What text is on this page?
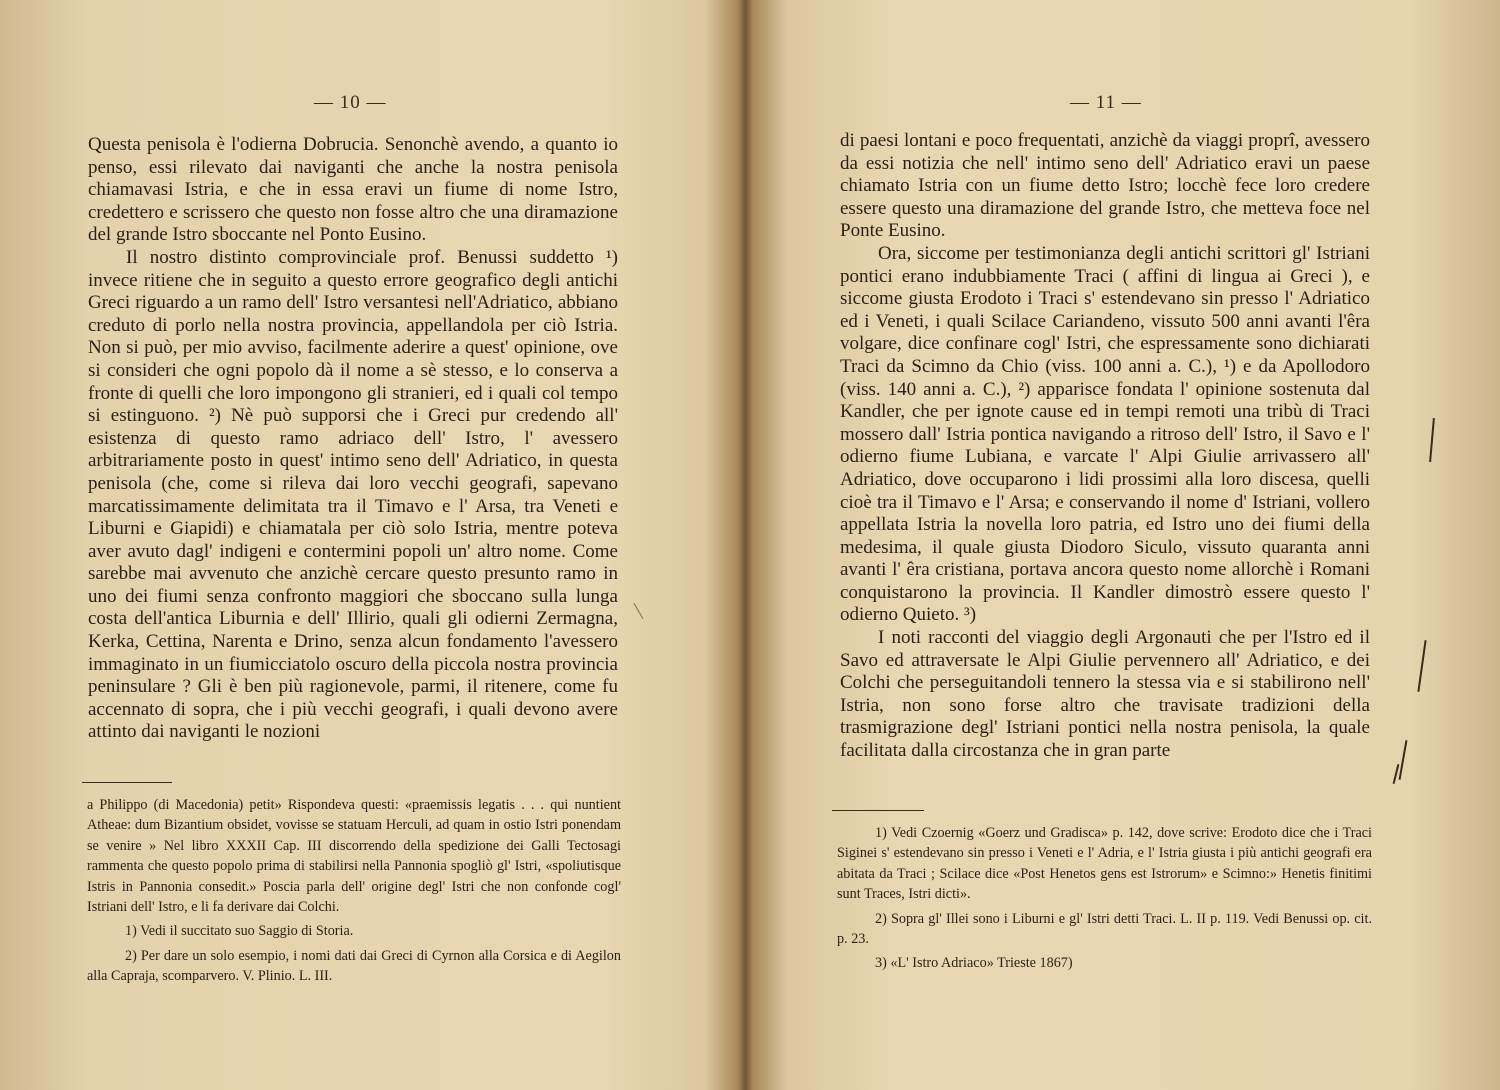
— 10 —

Questa penisola è l'odierna Dobrucia. Senonchè avendo, a quanto io penso, essi rilevato dai naviganti che anche la nostra penisola chiamavasi Istria, e che in essa eravi un fiume di nome Istro, credettero e scrissero che questo non fosse altro che una diramazione del grande Istro sboccante nel Ponto Eusino.

Il nostro distinto comprovinciale prof. Benussi suddetto ¹) invece ritiene che in seguito a questo errore geografico degli antichi Greci riguardo a un ramo dell' Istro versantesi nell'Adriatico, abbiano creduto di porlo nella nostra provincia, appellandola per ciò Istria. Non si può, per mio avviso, facilmente aderire a quest' opinione, ove si consideri che ogni popolo dà il nome a sè stesso, e lo conserva a fronte di quelli che loro impongono gli stranieri, ed i quali col tempo si estinguono. ²) Nè può supporsi che i Greci pur credendo all' esistenza di questo ramo adriaco dell' Istro, l' avessero arbitrariamente posto in quest' intimo seno dell' Adriatico, in questa penisola (che, come si rileva dai loro vecchi geografi, sapevano marcatissimamente delimitata tra il Timavo e l' Arsa, tra Veneti e Liburni e Giapidi) e chiamatala per ciò solo Istria, mentre poteva aver avuto dagl' indigeni e contermini popoli un' altro nome. Come sarebbe mai avvenuto che anzichè cercare questo presunto ramo in uno dei fiumi senza confronto maggiori che sboccano sulla lunga costa dell'antica Liburnia e dell' Illirio, quali gli odierni Zermagna, Kerka, Cettina, Narenta e Drino, senza alcun fondamento l'avessero immaginato in un fiumicciatolo oscuro della piccola nostra provincia peninsulare ? Gli è ben più ragionevole, parmi, il ritenere, come fu accennato di sopra, che i più vecchi geografi, i quali devono avere attinto dai naviganti le nozioni

a Philippo (di Macedonia) petit» Rispondeva questi: «praemissis legatis . . . qui nuntient Atheae: dum Bizantium obsidet, vovisse se statuam Herculi, ad quam in ostio Istri ponendam se venire » Nel libro XXXII Cap. III discorrendo della spedizione dei Galli Tectosagi rammenta che questo popolo prima di stabilirsi nella Pannonia spogliò gl' Istri, «spoliutisque Istris in Pannonia consedit.» Poscia parla dell' origine degl' Istri che non confonde cogl' Istriani dell' Istro, e li fa derivare dai Colchi.

1) Vedi il succitato suo Saggio di Storia.

2) Per dare un solo esempio, i nomi dati dai Greci di Cyrnon alla Corsica e di Aegilon alla Capraja, scomparvero. V. Plinio. L. III.

— 11 —

di paesi lontani e poco frequentati, anzichè da viaggi proprî, avessero da essi notizia che nell' intimo seno dell' Adriatico eravi un paese chiamato Istria con un fiume detto Istro; locchè fece loro credere essere questo una diramazione del grande Istro, che metteva foce nel Ponte Eusino.

Ora, siccome per testimonianza degli antichi scrittori gl' Istriani pontici erano indubbiamente Traci ( affini di lingua ai Greci ), e siccome giusta Erodoto i Traci s' estendevano sin presso l' Adriatico ed i Veneti, i quali Scilace Cariandeno, vissuto 500 anni avanti l'êra volgare, dice confinare cogl' Istri, che espressamente sono dichiarati Traci da Scimno da Chio (viss. 100 anni a. C.), ¹) e da Apollodoro (viss. 140 anni a. C.), ²) apparisce fondata l' opinione sostenuta dal Kandler, che per ignote cause ed in tempi remoti una tribù di Traci mossero dall' Istria pontica navigando a ritroso dell' Istro, il Savo e l' odierno fiume Lubiana, e varcate l' Alpi Giulie arrivassero all' Adriatico, dove occuparono i lidi prossimi alla loro discesa, quelli cioè tra il Timavo e l' Arsa; e conservando il nome d' Istriani, vollero appellata Istria la novella loro patria, ed Istro uno dei fiumi della medesima, il quale giusta Diodoro Siculo, vissuto quaranta anni avanti l' êra cristiana, portava ancora questo nome allorchè i Romani conquistarono la provincia. Il Kandler dimostrò essere questo l' odierno Quieto. ³)

I noti racconti del viaggio degli Argonauti che per l'Istro ed il Savo ed attraversate le Alpi Giulie pervennero all' Adriatico, e dei Colchi che perseguitandoli tennero la stessa via e si stabilirono nell' Istria, non sono forse altro che travisate tradizioni della trasmigrazione degl' Istriani pontici nella nostra penisola, la quale facilitata dalla circostanza che in gran parte

1) Vedi Czoernig «Goerz und Gradisca» p. 142, dove scrive: Erodoto dice che i Traci Siginei s' estendevano sin presso i Veneti e l' Adria, e l' Istria giusta i più antichi geografi era abitata da Traci ; Scilace dice «Post Henetos gens est Istrorum» e Scimno:» Henetis finitimi sunt Traces, Istri dicti».

2) Sopra gl' Illei sono i Liburni e gl' Istri detti Traci. L. II p. 119. Vedi Benussi op. cit. p. 23.

3) «L' Istro Adriaco» Trieste 1867)
